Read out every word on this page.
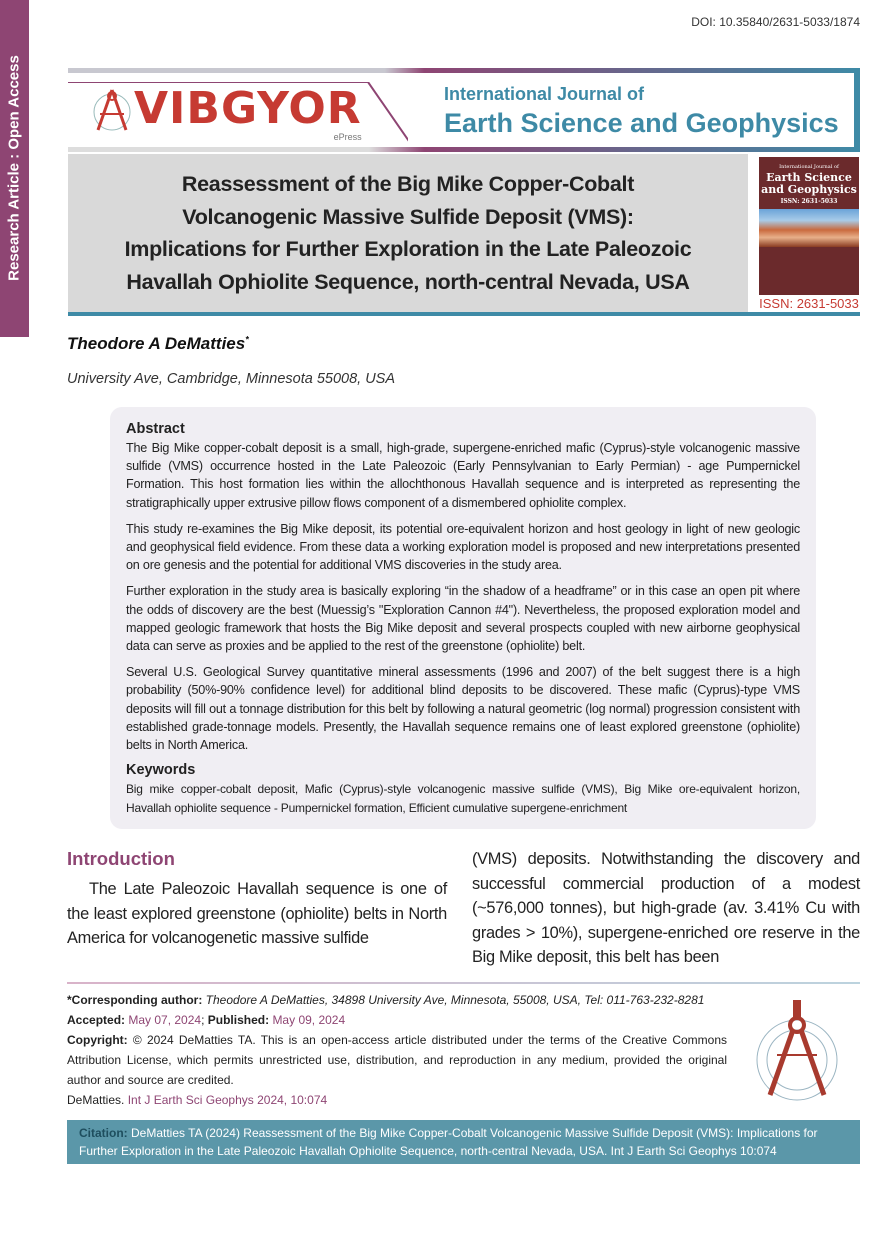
Research Article : Open Access
DOI: 10.35840/2631-5033/1874
VIBGYOR
ePress
International Journal of
Earth Science and Geophysics
Reassessment of the Big Mike Copper-Cobalt
Volcanogenic Massive Sulfide Deposit (VMS):
Implications for Further Exploration in the Late Paleozoic
Havallah Ophiolite Sequence, north-central Nevada, USA
International Journal of
Earth Science and Geophysics
ISSN: 2631-5033
ISSN: 2631-5033
Theodore A DeMatties*
University Ave, Cambridge, Minnesota 55008, USA
Abstract

The Big Mike copper-cobalt deposit is a small, high-grade, supergene-enriched mafic (Cyprus)-style volcanogenic massive sulfide (VMS) occurrence hosted in the Late Paleozoic (Early Pennsylvanian to Early Permian) - age Pumpernickel Formation. This host formation lies within the allochthonous Havallah sequence and is interpreted as representing the stratigraphically upper extrusive pillow flows component of a dismembered ophiolite complex.

This study re-examines the Big Mike deposit, its potential ore-equivalent horizon and host geology in light of new geologic and geophysical field evidence. From these data a working exploration model is proposed and new interpretations presented on ore genesis and the potential for additional VMS discoveries in the study area.

Further exploration in the study area is basically exploring “in the shadow of a headframe” or in this case an open pit where the odds of discovery are the best (Muessig’s "Exploration Cannon #4"). Nevertheless, the proposed exploration model and mapped geologic framework that hosts the Big Mike deposit and several prospects coupled with new airborne geophysical data can serve as proxies and be applied to the rest of the greenstone (ophiolite) belt.

Several U.S. Geological Survey quantitative mineral assessments (1996 and 2007) of the belt suggest there is a high probability (50%-90% confidence level) for additional blind deposits to be discovered. These mafic (Cyprus)-type VMS deposits will fill out a tonnage distribution for this belt by following a natural geometric (log normal) progression consistent with established grade-tonnage models. Presently, the Havallah sequence remains one of least explored greenstone (ophiolite) belts in North America.

Keywords

Big mike copper-cobalt deposit, Mafic (Cyprus)-style volcanogenic massive sulfide (VMS), Big Mike ore-equivalent horizon, Havallah ophiolite sequence - Pumpernickel formation, Efficient cumulative supergene-enrichment

Introduction

The Late Paleozoic Havallah sequence is one of the least explored greenstone (ophiolite) belts in North America for volcanogenetic massive sulfide

(VMS) deposits. Notwithstanding the discovery and successful commercial production of a modest (~576,000 tonnes), but high-grade (av. 3.41% Cu with grades > 10%), supergene-enriched ore reserve in the Big Mike deposit, this belt has been

*Corresponding author: Theodore A DeMatties, 34898 University Ave, Minnesota, 55008, USA, Tel: 011-763-232-8281
Accepted: May 07, 2024; Published: May 09, 2024
Copyright: © 2024 DeMatties TA. This is an open-access article distributed under the terms of the Creative Commons Attribution License, which permits unrestricted use, distribution, and reproduction in any medium, provided the original author and source are credited.
DeMatties. Int J Earth Sci Geophys 2024, 10:074
Citation: DeMatties TA (2024) Reassessment of the Big Mike Copper-Cobalt Volcanogenic Massive Sulfide Deposit (VMS): Implications for Further Exploration in the Late Paleozoic Havallah Ophiolite Sequence, north-central Nevada, USA. Int J Earth Sci Geophys 10:074
